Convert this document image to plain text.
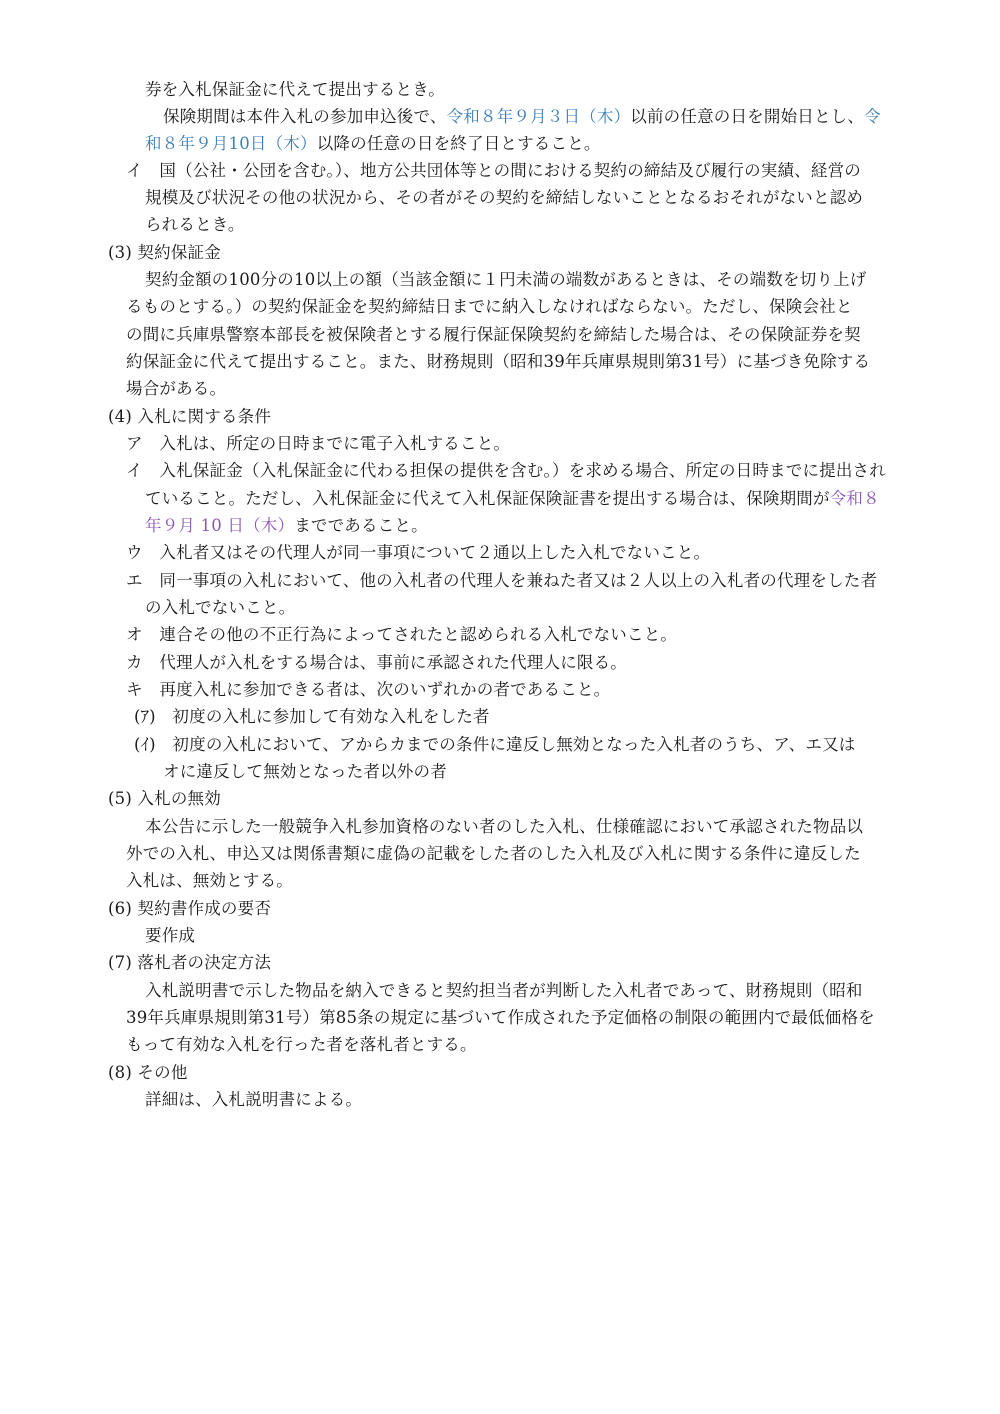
券を入札保証金に代えて提出するとき。
保険期間は本件入札の参加申込後で、令和８年９月３日（木）以前の任意の日を開始日とし、令
和８年９月10日（木）以降の任意の日を終了日とすること。
イ　国（公社・公団を含む。）、地方公共団体等との間における契約の締結及び履行の実績、経営の
規模及び状況その他の状況から、その者がその契約を締結しないこととなるおそれがないと認め
られるとき。
(3) 契約保証金
契約金額の100分の10以上の額（当該金額に１円未満の端数があるときは、その端数を切り上げ
るものとする。）の契約保証金を契約締結日までに納入しなければならない。ただし、保険会社と
の間に兵庫県警察本部長を被保険者とする履行保証保険契約を締結した場合は、その保険証券を契
約保証金に代えて提出すること。また、財務規則（昭和39年兵庫県規則第31号）に基づき免除する
場合がある。
(4) 入札に関する条件
ア　入札は、所定の日時までに電子入札すること。
イ　入札保証金（入札保証金に代わる担保の提供を含む。）を求める場合、所定の日時までに提出され
ていること。ただし、入札保証金に代えて入札保証保険証書を提出する場合は、保険期間が令和８
年９月 10 日（木）までであること。
ウ　入札者又はその代理人が同一事項について２通以上した入札でないこと。
エ　同一事項の入札において、他の入札者の代理人を兼ねた者又は２人以上の入札者の代理をした者
の入札でないこと。
オ　連合その他の不正行為によってされたと認められる入札でないこと。
カ　代理人が入札をする場合は、事前に承認された代理人に限る。
キ　再度入札に参加できる者は、次のいずれかの者であること。
(ｱ)　初度の入札に参加して有効な入札をした者
(ｲ)　初度の入札において、アからカまでの条件に違反し無効となった入札者のうち、ア、エ又は
オに違反して無効となった者以外の者
(5) 入札の無効
本公告に示した一般競争入札参加資格のない者のした入札、仕様確認において承認された物品以
外での入札、申込又は関係書類に虚偽の記載をした者のした入札及び入札に関する条件に違反した
入札は、無効とする。
(6) 契約書作成の要否
要作成
(7) 落札者の決定方法
入札説明書で示した物品を納入できると契約担当者が判断した入札者であって、財務規則（昭和
39年兵庫県規則第31号）第85条の規定に基づいて作成された予定価格の制限の範囲内で最低価格を
もって有効な入札を行った者を落札者とする。
(8) その他
詳細は、入札説明書による。
